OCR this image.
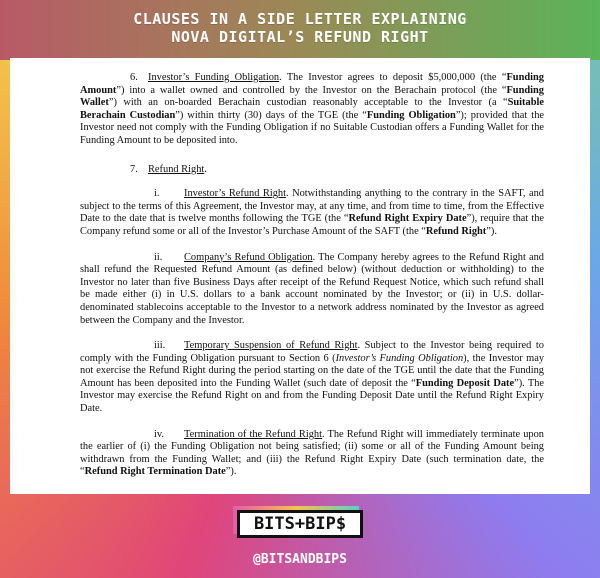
CLAUSES IN A SIDE LETTER EXPLAINING
NOVA DIGITAL’S REFUND RIGHT

6. Investor’s Funding Obligation. The Investor agrees to deposit $5,000,000 (the “Funding Amount”) into a wallet owned and controlled by the Investor on the Berachain protocol (the “Funding Wallet”) with an on-boarded Berachain custodian reasonably acceptable to the Investor (a “Suitable Berachain Custodian”) within thirty (30) days of the TGE (the “Funding Obligation”); provided that the Investor need not comply with the Funding Obligation if no Suitable Custodian offers a Funding Wallet for the Funding Amount to be deposited into.

7. Refund Right.

i. Investor’s Refund Right. Notwithstanding anything to the contrary in the SAFT, and subject to the terms of this Agreement, the Investor may, at any time, and from time to time, from the Effective Date to the date that is twelve months following the TGE (the “Refund Right Expiry Date”), require that the Company refund some or all of the Investor’s Purchase Amount of the SAFT (the “Refund Right”).

ii. Company’s Refund Obligation. The Company hereby agrees to the Refund Right and shall refund the Requested Refund Amount (as defined below) (without deduction or withholding) to the Investor no later than five Business Days after receipt of the Refund Request Notice, which such refund shall be made either (i) in U.S. dollars to a bank account nominated by the Investor; or (ii) in U.S. dollar-denominated stablecoins acceptable to the Investor to a network address nominated by the Investor as agreed between the Company and the Investor.

iii. Temporary Suspension of Refund Right. Subject to the Investor being required to comply with the Funding Obligation pursuant to Section 6 (Investor’s Funding Obligation), the Investor may not exercise the Refund Right during the period starting on the date of the TGE until the date that the Funding Amount has been deposited into the Funding Wallet (such date of deposit the “Funding Deposit Date”). The Investor may exercise the Refund Right on and from the Funding Deposit Date until the Refund Right Expiry Date.

iv. Termination of the Refund Right. The Refund Right will immediately terminate upon the earlier of (i) the Funding Obligation not being satisfied; (ii) some or all of the Funding Amount being withdrawn from the Funding Wallet; and (iii) the Refund Right Expiry Date (such termination date, the “Refund Right Termination Date”).

BITS+BIP$
@BITSANDBIPS
